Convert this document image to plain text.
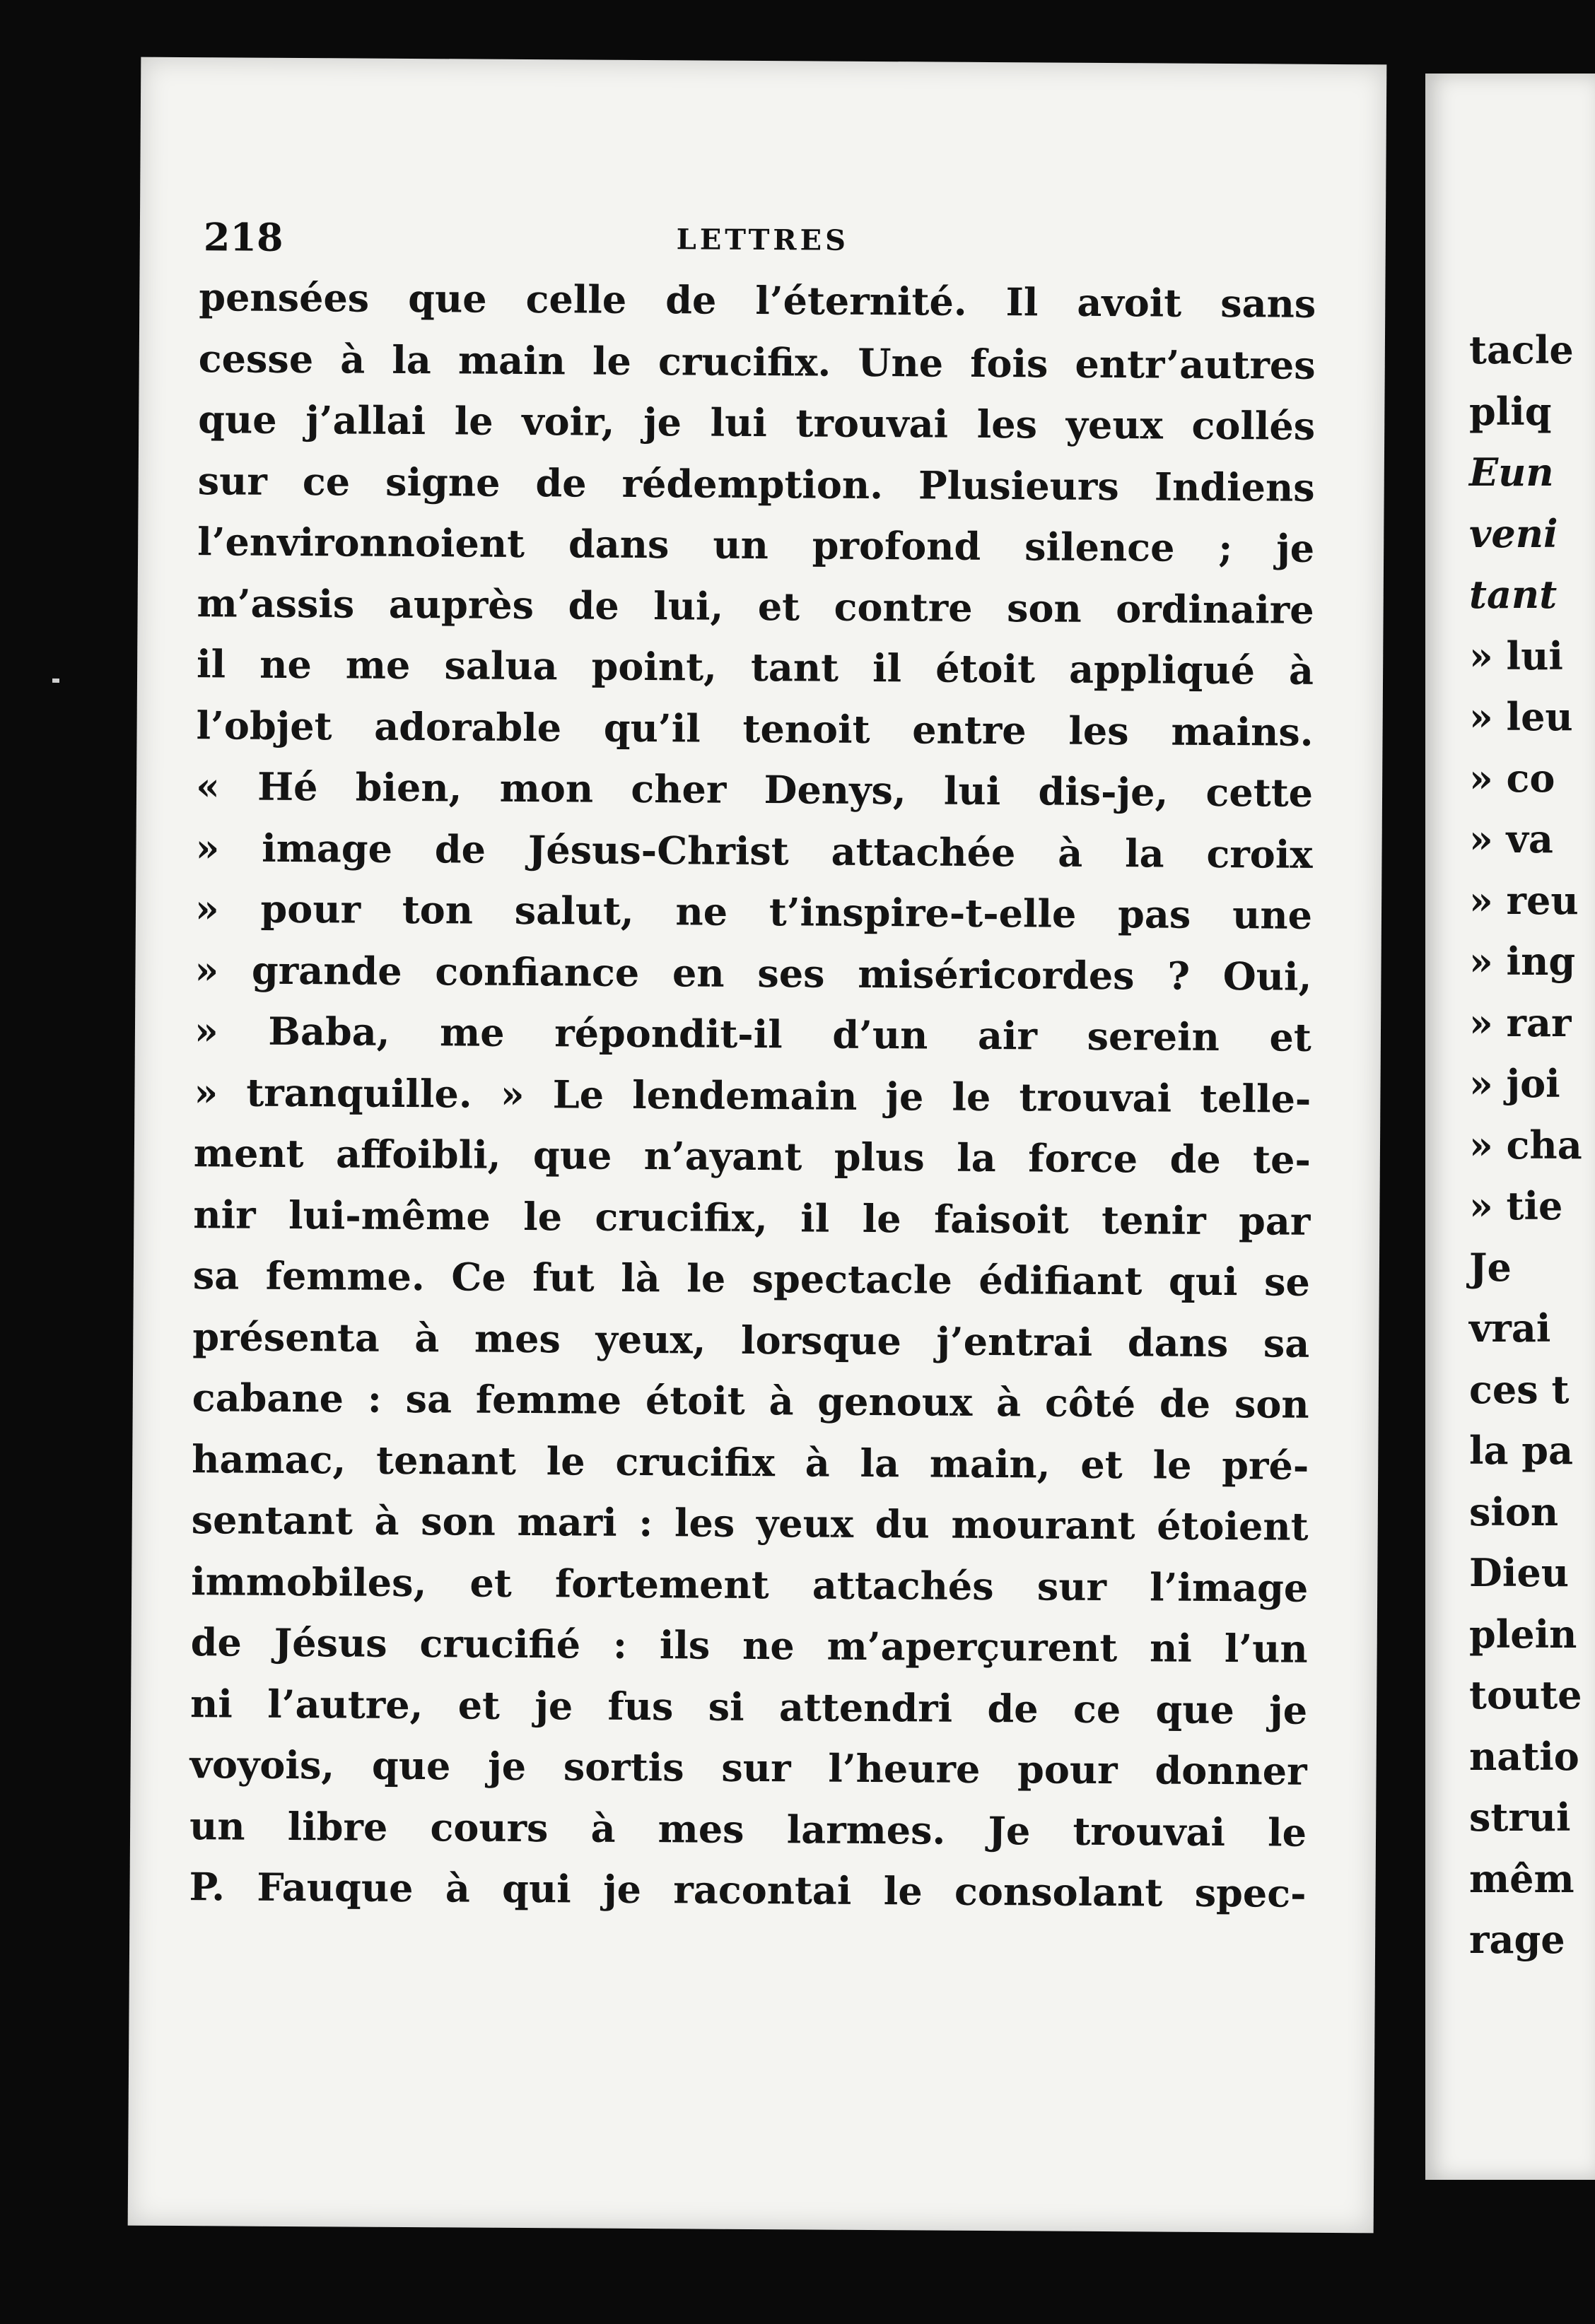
218	LETTRES
pensées que celle de l’éternité. Il avoit sans
cesse à la main le crucifix. Une fois entr’autres
que j’allai le voir, je lui trouvai les yeux collés
sur ce signe de rédemption. Plusieurs Indiens
l’environnoient dans un profond silence ; je
m’assis auprès de lui, et contre son ordinaire
il ne me salua point, tant il étoit appliqué à
l’objet adorable qu’il tenoit entre les mains.
« Hé bien, mon cher Denys, lui dis-je, cette
» image de Jésus-Christ attachée à la croix
» pour ton salut, ne t’inspire-t-elle pas une
» grande confiance en ses miséricordes ? Oui,
» Baba, me répondit-il d’un air serein et
» tranquille. » Le lendemain je le trouvai telle-
ment affoibli, que n’ayant plus la force de te-
nir lui-même le crucifix, il le faisoit tenir par
sa femme. Ce fut là le spectacle édifiant qui se
présenta à mes yeux, lorsque j’entrai dans sa
cabane : sa femme étoit à genoux à côté de son
hamac, tenant le crucifix à la main, et le pré-
sentant à son mari : les yeux du mourant étoient
immobiles, et fortement attachés sur l’image
de Jésus crucifié : ils ne m’aperçurent ni l’un
ni l’autre, et je fus si attendri de ce que je
voyois, que je sortis sur l’heure pour donner
un libre cours à mes larmes. Je trouvai le
P. Fauque à qui je racontai le consolant spec-
tacle
pliq
Eun
veni
tant
» lui
» leu
» co
» va
» reu
» ing
» rar
» joi
» cha
» tie
Je
vrai
ces t
la pa
sion
Dieu
plein
toute
natio
strui
mêm
rage
